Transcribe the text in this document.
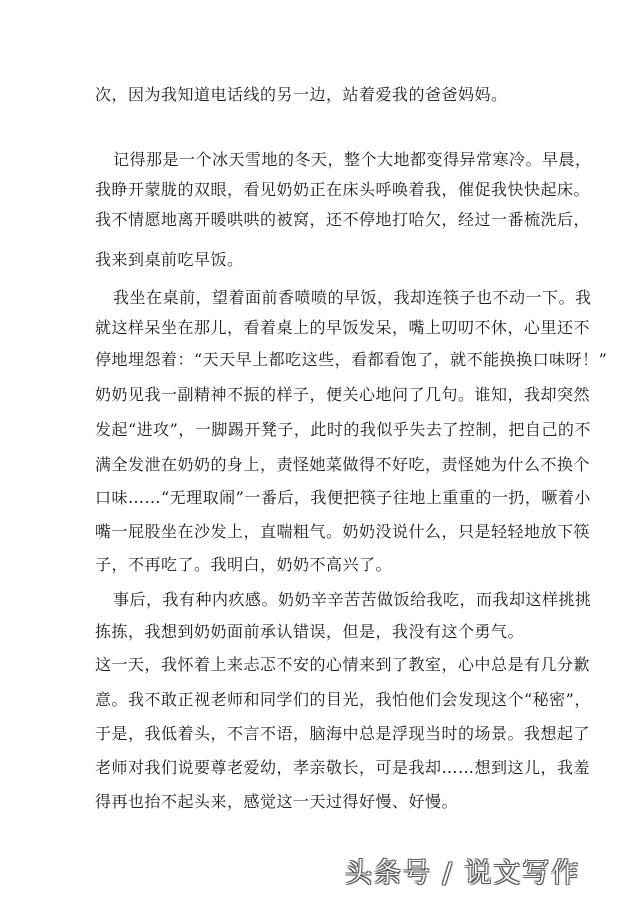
次，因为我知道电话线的另一边，站着爱我的爸爸妈妈。
记得那是一个冰天雪地的冬天，整个大地都变得异常寒冷。早晨，
我睁开蒙胧的双眼，看见奶奶正在床头呼唤着我，催促我快快起床。
我不情愿地离开暖哄哄的被窝，还不停地打哈欠，经过一番梳洗后，
我来到桌前吃早饭。
我坐在桌前，望着面前香喷喷的早饭，我却连筷子也不动一下。我
就这样呆坐在那儿，看着桌上的早饭发呆，嘴上叨叨不休，心里还不
停地埋怨着：“天天早上都吃这些，看都看饱了，就不能换换口味呀！”
奶奶见我一副精神不振的样子，便关心地问了几句。谁知，我却突然
发起“进攻”，一脚踢开凳子，此时的我似乎失去了控制，把自己的不
满全发泄在奶奶的身上，责怪她菜做得不好吃，责怪她为什么不换个
口味……“无理取闹”一番后，我便把筷子往地上重重的一扔，噘着小
嘴一屁股坐在沙发上，直喘粗气。奶奶没说什么，只是轻轻地放下筷
子，不再吃了。我明白，奶奶不高兴了。
事后，我有种内疚感。奶奶辛辛苦苦做饭给我吃，而我却这样挑挑
拣拣，我想到奶奶面前承认错误，但是，我没有这个勇气。
这一天，我怀着上来忐忑不安的心情来到了教室，心中总是有几分歉
意。我不敢正视老师和同学们的目光，我怕他们会发现这个“秘密”，
于是，我低着头，不言不语，脑海中总是浮现当时的场景。我想起了
老师对我们说要尊老爱幼，孝亲敬长，可是我却……想到这儿，我羞
得再也抬不起头来，感觉这一天过得好慢、好慢。
头条号 / 说文写作
